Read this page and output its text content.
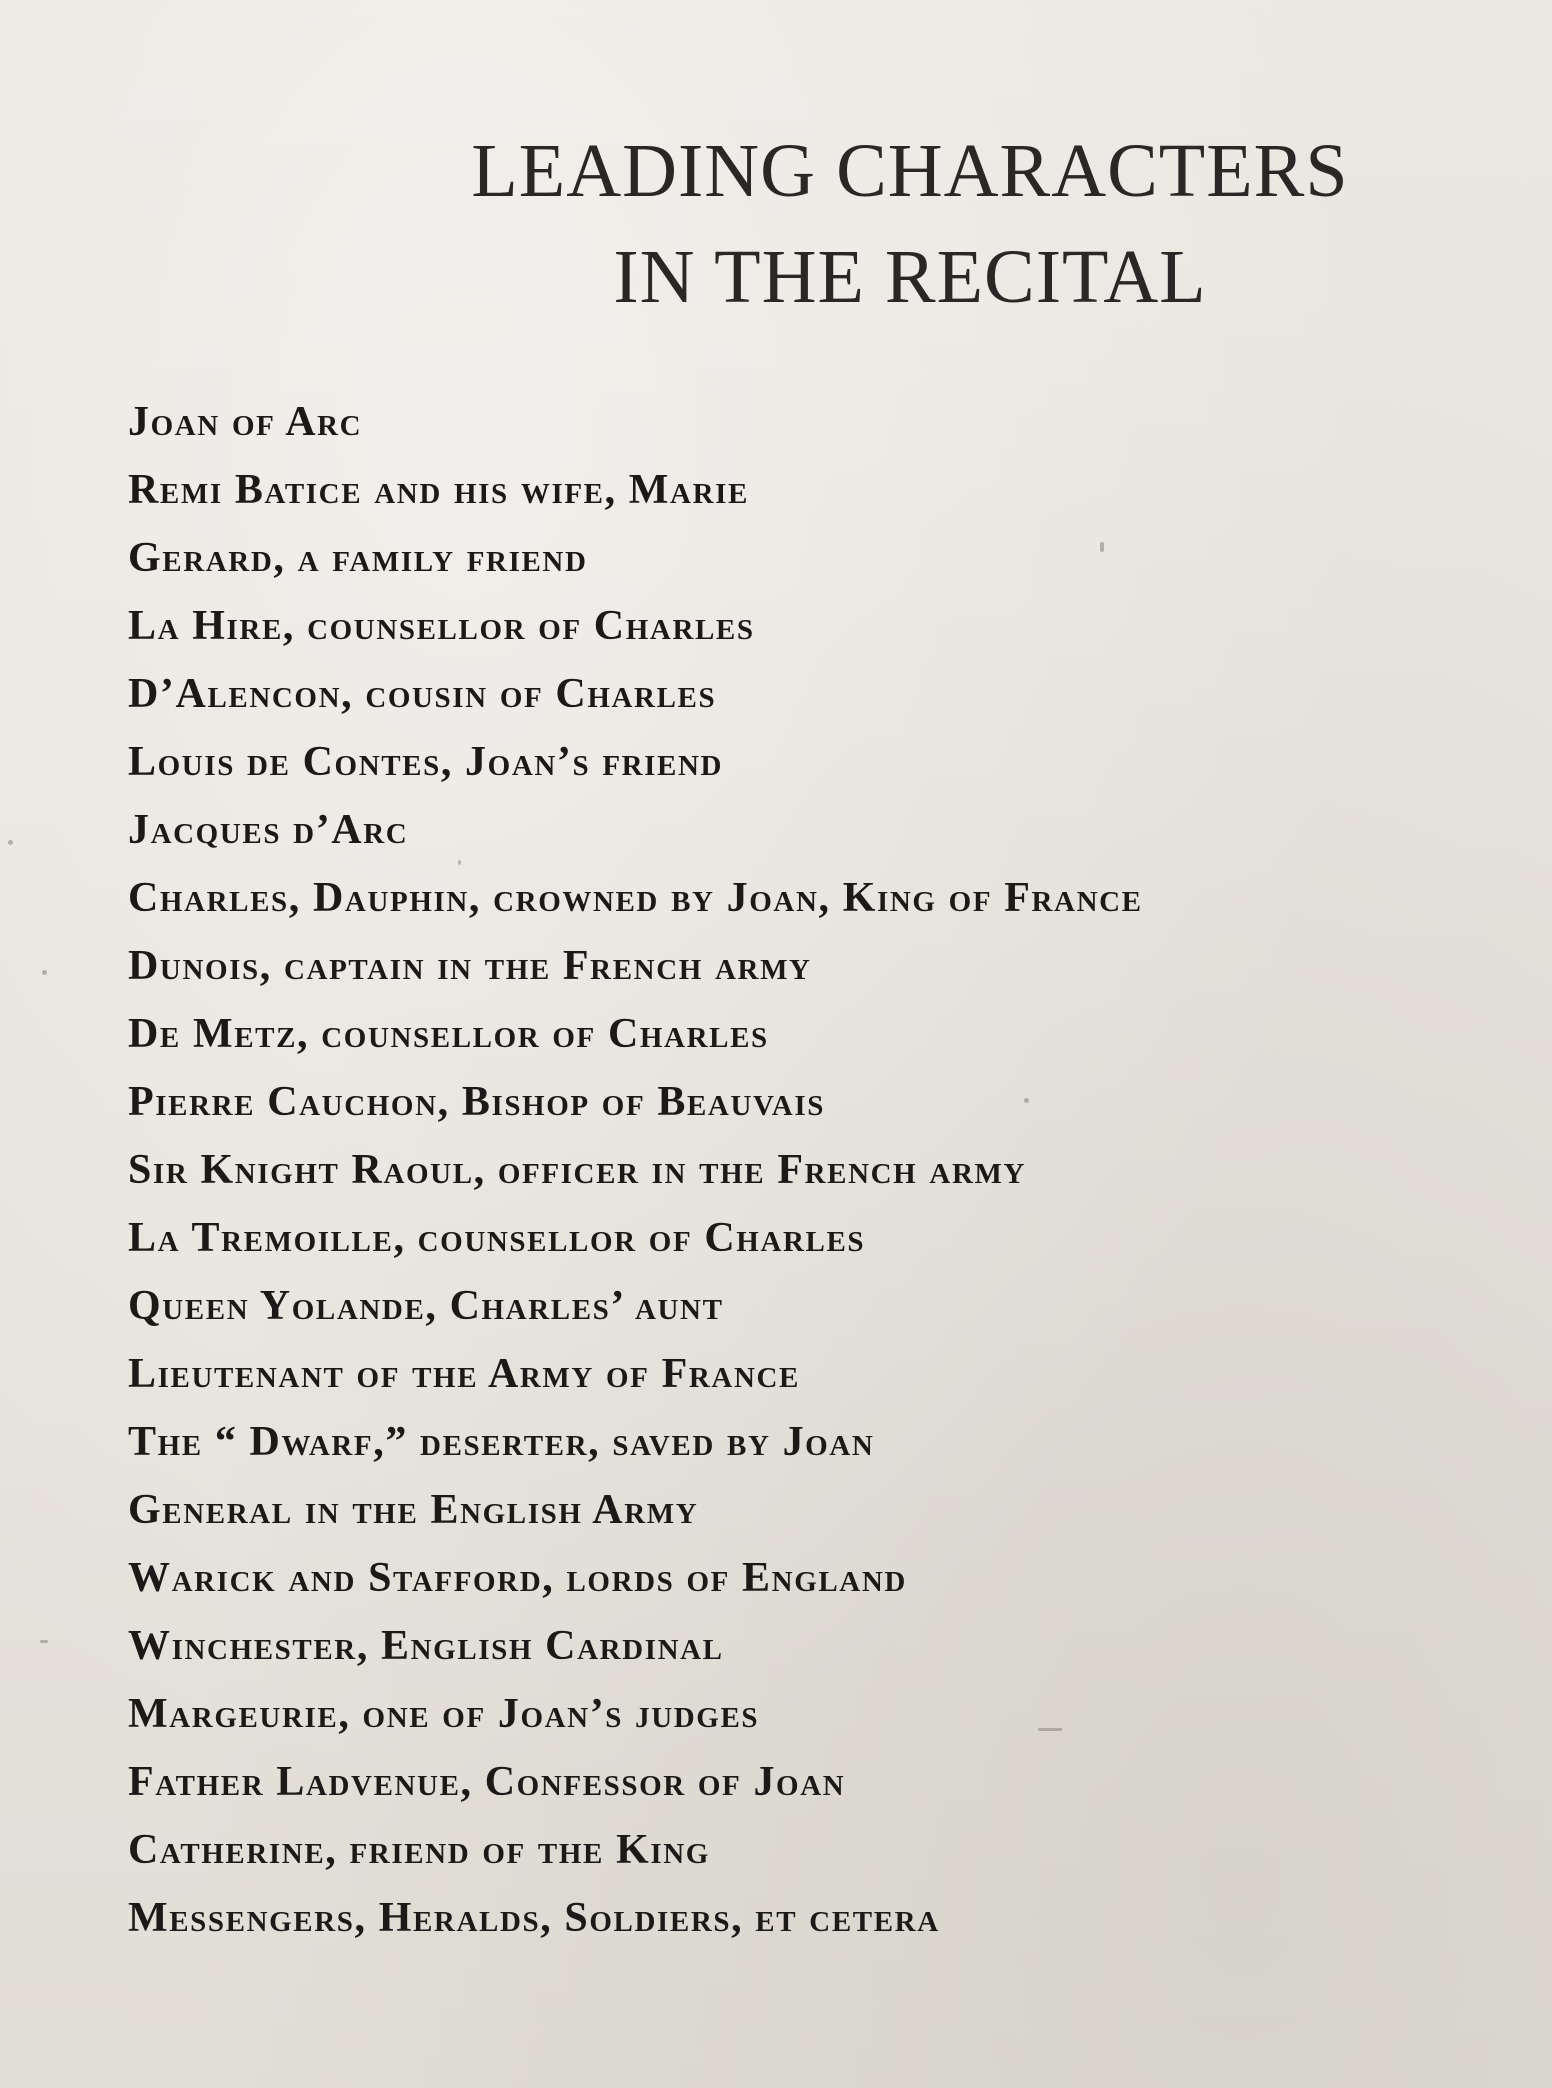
LEADING CHARACTERS
IN THE RECITAL
Joan of Arc
Remi Batice and his wife, Marie
Gerard, a family friend
La Hire, counsellor of Charles
D’Alencon, cousin of Charles
Louis de Contes, Joan’s friend
Jacques d’Arc
Charles, Dauphin, crowned by Joan, King of France
Dunois, captain in the French army
De Metz, counsellor of Charles
Pierre Cauchon, Bishop of Beauvais
Sir Knight Raoul, officer in the French army
La Tremoille, counsellor of Charles
Queen Yolande, Charles’ aunt
Lieutenant of the Army of France
The “ Dwarf,” deserter, saved by Joan
General in the English Army
Warick and Stafford, lords of England
Winchester, English Cardinal
Margeurie, one of Joan’s judges
Father Ladvenue, Confessor of Joan
Catherine, friend of the King
Messengers, Heralds, Soldiers, et cetera
